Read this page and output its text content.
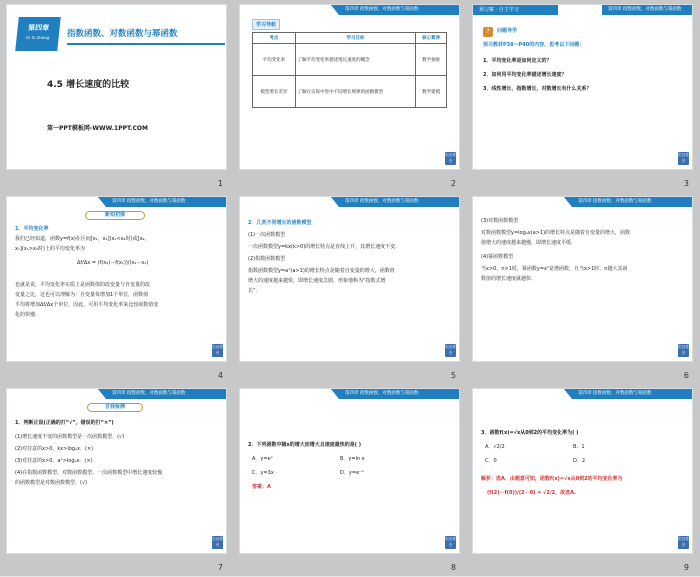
第四章
Di Si Zhang	指数函数、对数函数与幂函数
4.5 增长速度的比较
第一PPT模板网-WWW.1PPT.COM
1
第四章 指数函数、对数函数与幂函数
学习导航
考点	学习目标	核心素养
平均变化率	了解平均变化率描述增长速度的概念	数学抽象
模型增长差异	了解在实际中进中不同增长规律的函数模型	数学建模
栏目导引
2
预习案 · 自主学习	第四章 指数函数、对数函数与幂函数
?	问题导学
预习教材P38～P40的内容，思考以下问题：
1．平均变化率是如何定义的？
2．如何用平均变化率描述增长速度？
3．线性增长、指数增长、对数增长有什么关系？
栏目导引
3
第四章 指数函数、对数函数与幂函数
新知初探
1．平均变化率
我们已经知道，函数y=f(x)在区间[x₁，x₂](x₁<x₂时)或[x₂，
x₁](x₁>x₂时)上的平均变化率为
Δf/Δx = (f(x₂)－f(x₁))/(x₂－x₁)
也就是说，平均变化率实质上是函数值的改变量与自变量的改
变量之比，这也可以理解为：自变量每增加1个单位，函数值
平均将增加Δf/Δx个单位，因此，可用平均变化率来比较函数值变
化的快慢.
栏目导引
4
第四章 指数函数、对数函数与幂函数
2．几类不同增长的函数模型
(1)一次函数模型
一次函数模型y=kx(k>0)的增长特点是直线上升，其增长速度不变.
(2)指数函数模型
指数函数模型y=aˣ(a>1)的增长特点是随着自变量的增大，函数值
增大的速度越来越快，即增长速度急剧，形象地称为“指数式增
长”.
栏目导引
5
第四章 指数函数、对数函数与幂函数
(3)对数函数模型
对数函数模型y=logₐx(a>1)的增长特点是随着自变量的增大，函数
值增大的速度越来越慢，即增长速度平缓.
(4)幂函数模型
当x>0，n>1时，幂函数y=xⁿ是增函数，且当x>1时，n越大其函
数值的增长速度就越快.
栏目导引
6
第四章 指数函数、对数函数与幂函数
自我检测
1．判断正误(正确的打“√”，错误的打“×”)
(1)增长速度不变的函数模型是一次函数模型．(√)
(2)对任意的x>0，kx>logₐx．(×)
(3)对任意的x>0，aˣ>logₐx．(×)
(4)在指数函数模型、对数函数模型、一次函数模型中增长速度较慢
的函数模型是对数函数模型．(√)
栏目导引
7
第四章 指数函数、对数函数与幂函数
2．下列函数中随x的增大而增大且速度最快的是( )
A．y=eˣ	B．y=ln x
C．y=3x	D．y=e⁻ˣ
答案：A
栏目导引
8
第四章 指数函数、对数函数与幂函数
3．函数f(x)=√x从0到2的平均变化率为( )
A．√2/2	B．1
C．0	D．2
解析：选A．由题意可知，函数f(x)=√x从0到2的平均变化率为
(f(2)－f(0))/(2－0) = √2/2，故选A.
栏目导引
9
